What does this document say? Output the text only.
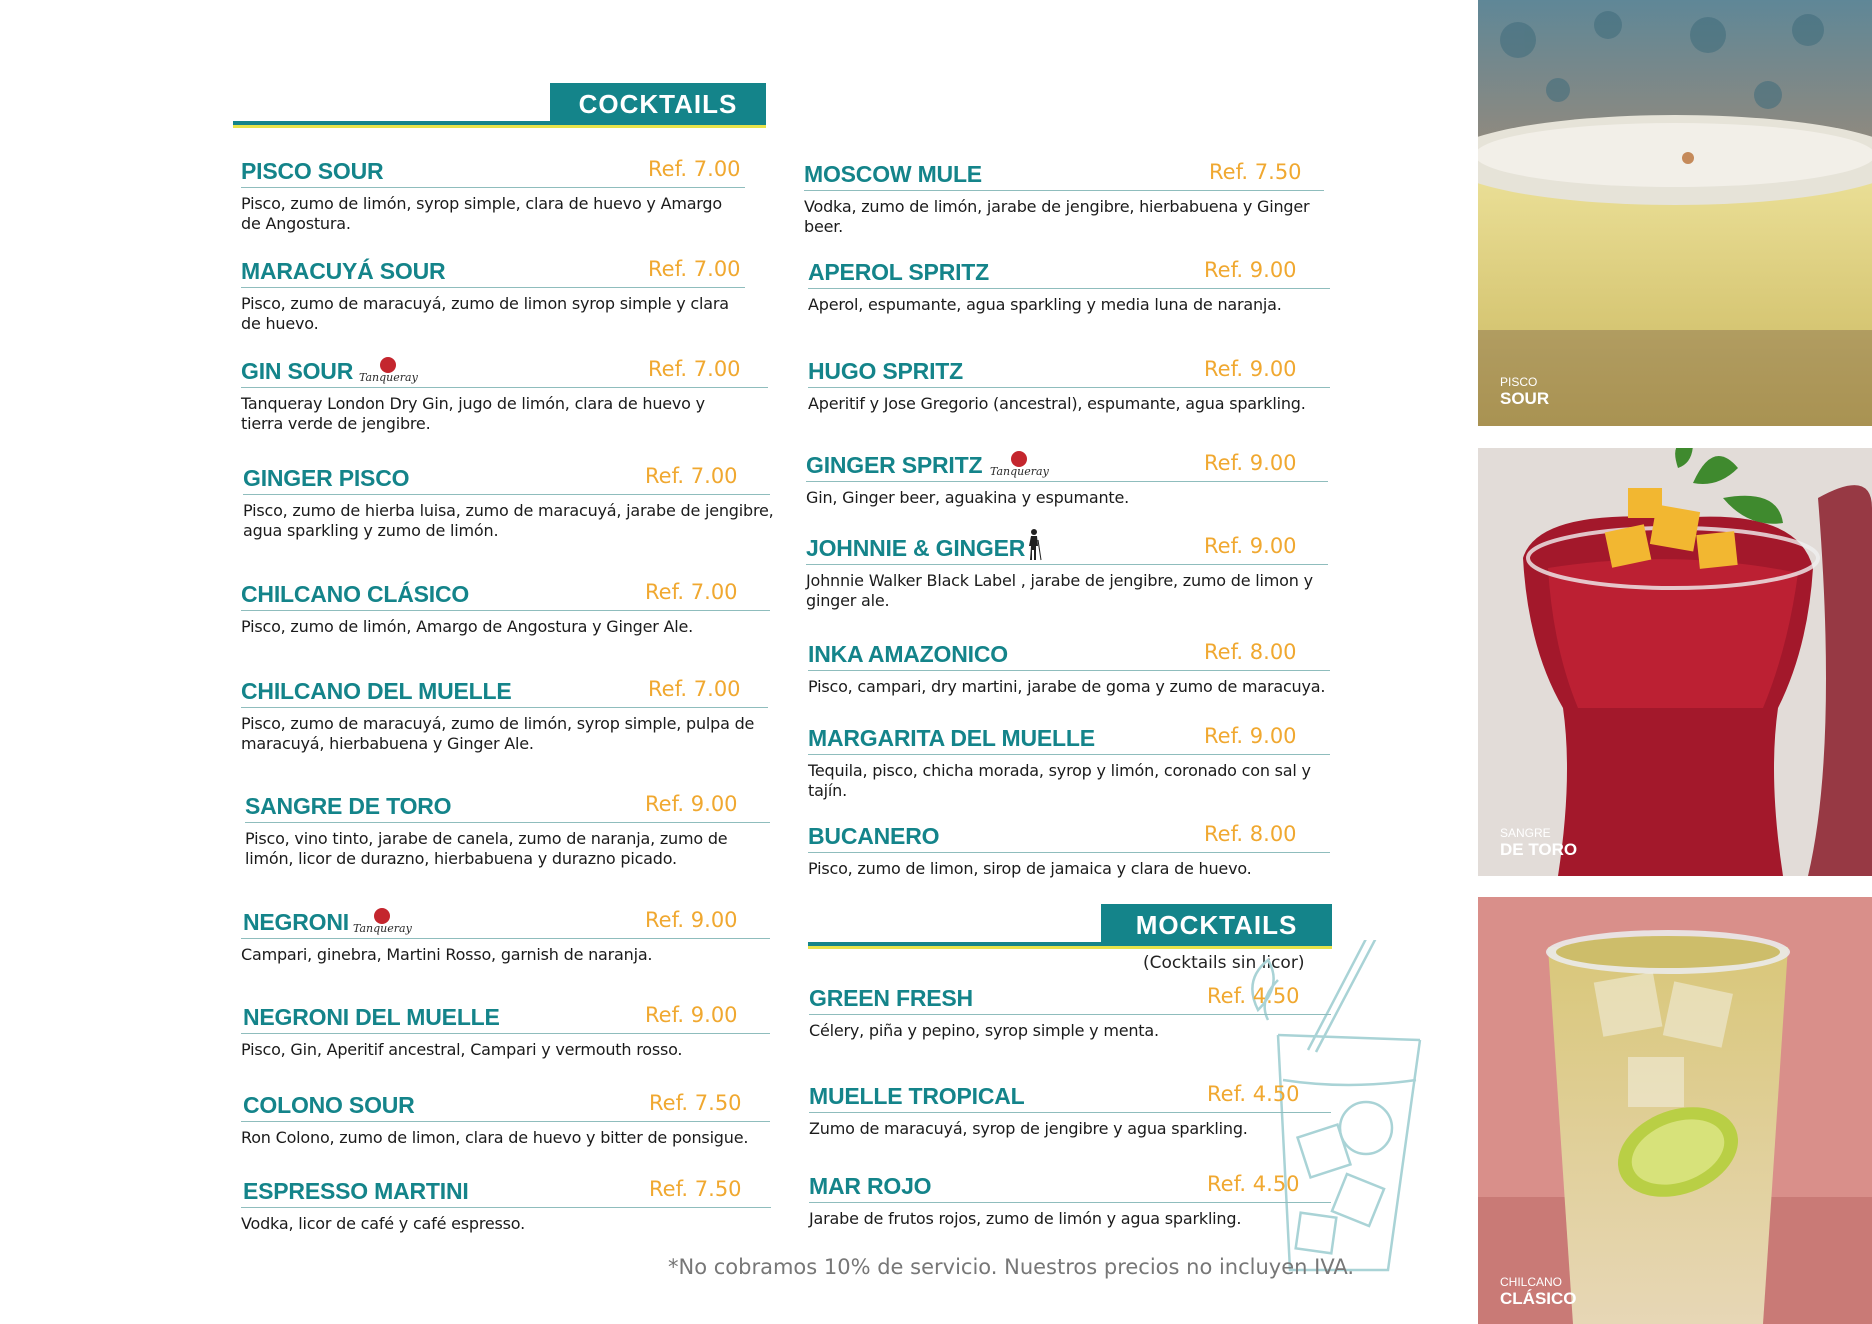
COCKTAILS
PISCO SOUR	Ref. 7.00
Pisco, zumo de limón, syrop simple, clara de huevo y Amargo de Angostura.
MARACUYÁ SOUR	Ref. 7.00
Pisco, zumo de maracuyá, zumo de limon syrop simple y clara de huevo.
GIN SOUR Tanqueray	Ref. 7.00
Tanqueray London Dry Gin, jugo de limón, clara de huevo y tierra verde de jengibre.
GINGER PISCO	Ref. 7.00
Pisco, zumo de hierba luisa, zumo de maracuyá, jarabe de jengibre, agua sparkling y zumo de limón.
CHILCANO CLÁSICO	Ref. 7.00
Pisco, zumo de limón, Amargo de Angostura y Ginger Ale.
CHILCANO DEL MUELLE	Ref. 7.00
Pisco, zumo de maracuyá, zumo de limón, syrop simple, pulpa de maracuyá, hierbabuena y Ginger Ale.
SANGRE DE TORO	Ref. 9.00
Pisco, vino tinto, jarabe de canela, zumo de naranja, zumo de limón, licor de durazno, hierbabuena y durazno picado.
NEGRONI Tanqueray	Ref. 9.00
Campari, ginebra, Martini Rosso, garnish de naranja.
NEGRONI DEL MUELLE	Ref. 9.00
Pisco, Gin, Aperitif ancestral, Campari y vermouth rosso.
COLONO SOUR	Ref. 7.50
Ron Colono, zumo de limon, clara de huevo y bitter de ponsigue.
ESPRESSO MARTINI	Ref. 7.50
Vodka, licor de café y café espresso.
MOSCOW MULE	Ref. 7.50
Vodka, zumo de limón, jarabe de jengibre, hierbabuena y Ginger beer.
APEROL SPRITZ	Ref. 9.00
Aperol, espumante, agua sparkling y media luna de naranja.
HUGO SPRITZ	Ref. 9.00
Aperitif y Jose Gregorio (ancestral), espumante, agua sparkling.
GINGER SPRITZ Tanqueray	Ref. 9.00
Gin, Ginger beer, aguakina y espumante.
JOHNNIE & GINGER	Ref. 9.00
Johnnie Walker Black Label , jarabe de jengibre, zumo de limon y ginger ale.
INKA AMAZONICO	Ref. 8.00
Pisco, campari, dry martini, jarabe de goma y zumo de maracuya.
MARGARITA DEL MUELLE	Ref. 9.00
Tequila, pisco, chicha morada, syrop y limón, coronado con sal y tajín.
BUCANERO	Ref. 8.00
Pisco, zumo de limon, sirop de jamaica y clara de huevo.
MOCKTAILS
(Cocktails sin licor)
GREEN FRESH	Ref. 4.50
Célery, piña y pepino, syrop simple y menta.
MUELLE TROPICAL	Ref. 4.50
Zumo de maracuyá, syrop de jengibre y agua sparkling.
MAR ROJO	Ref. 4.50
Jarabe de frutos rojos, zumo de limón y agua sparkling.
*No cobramos 10% de servicio. Nuestros precios no incluyen IVA.
PISCO
SOUR
SANGRE
DE TORO
CHILCANO
CLÁSICO
